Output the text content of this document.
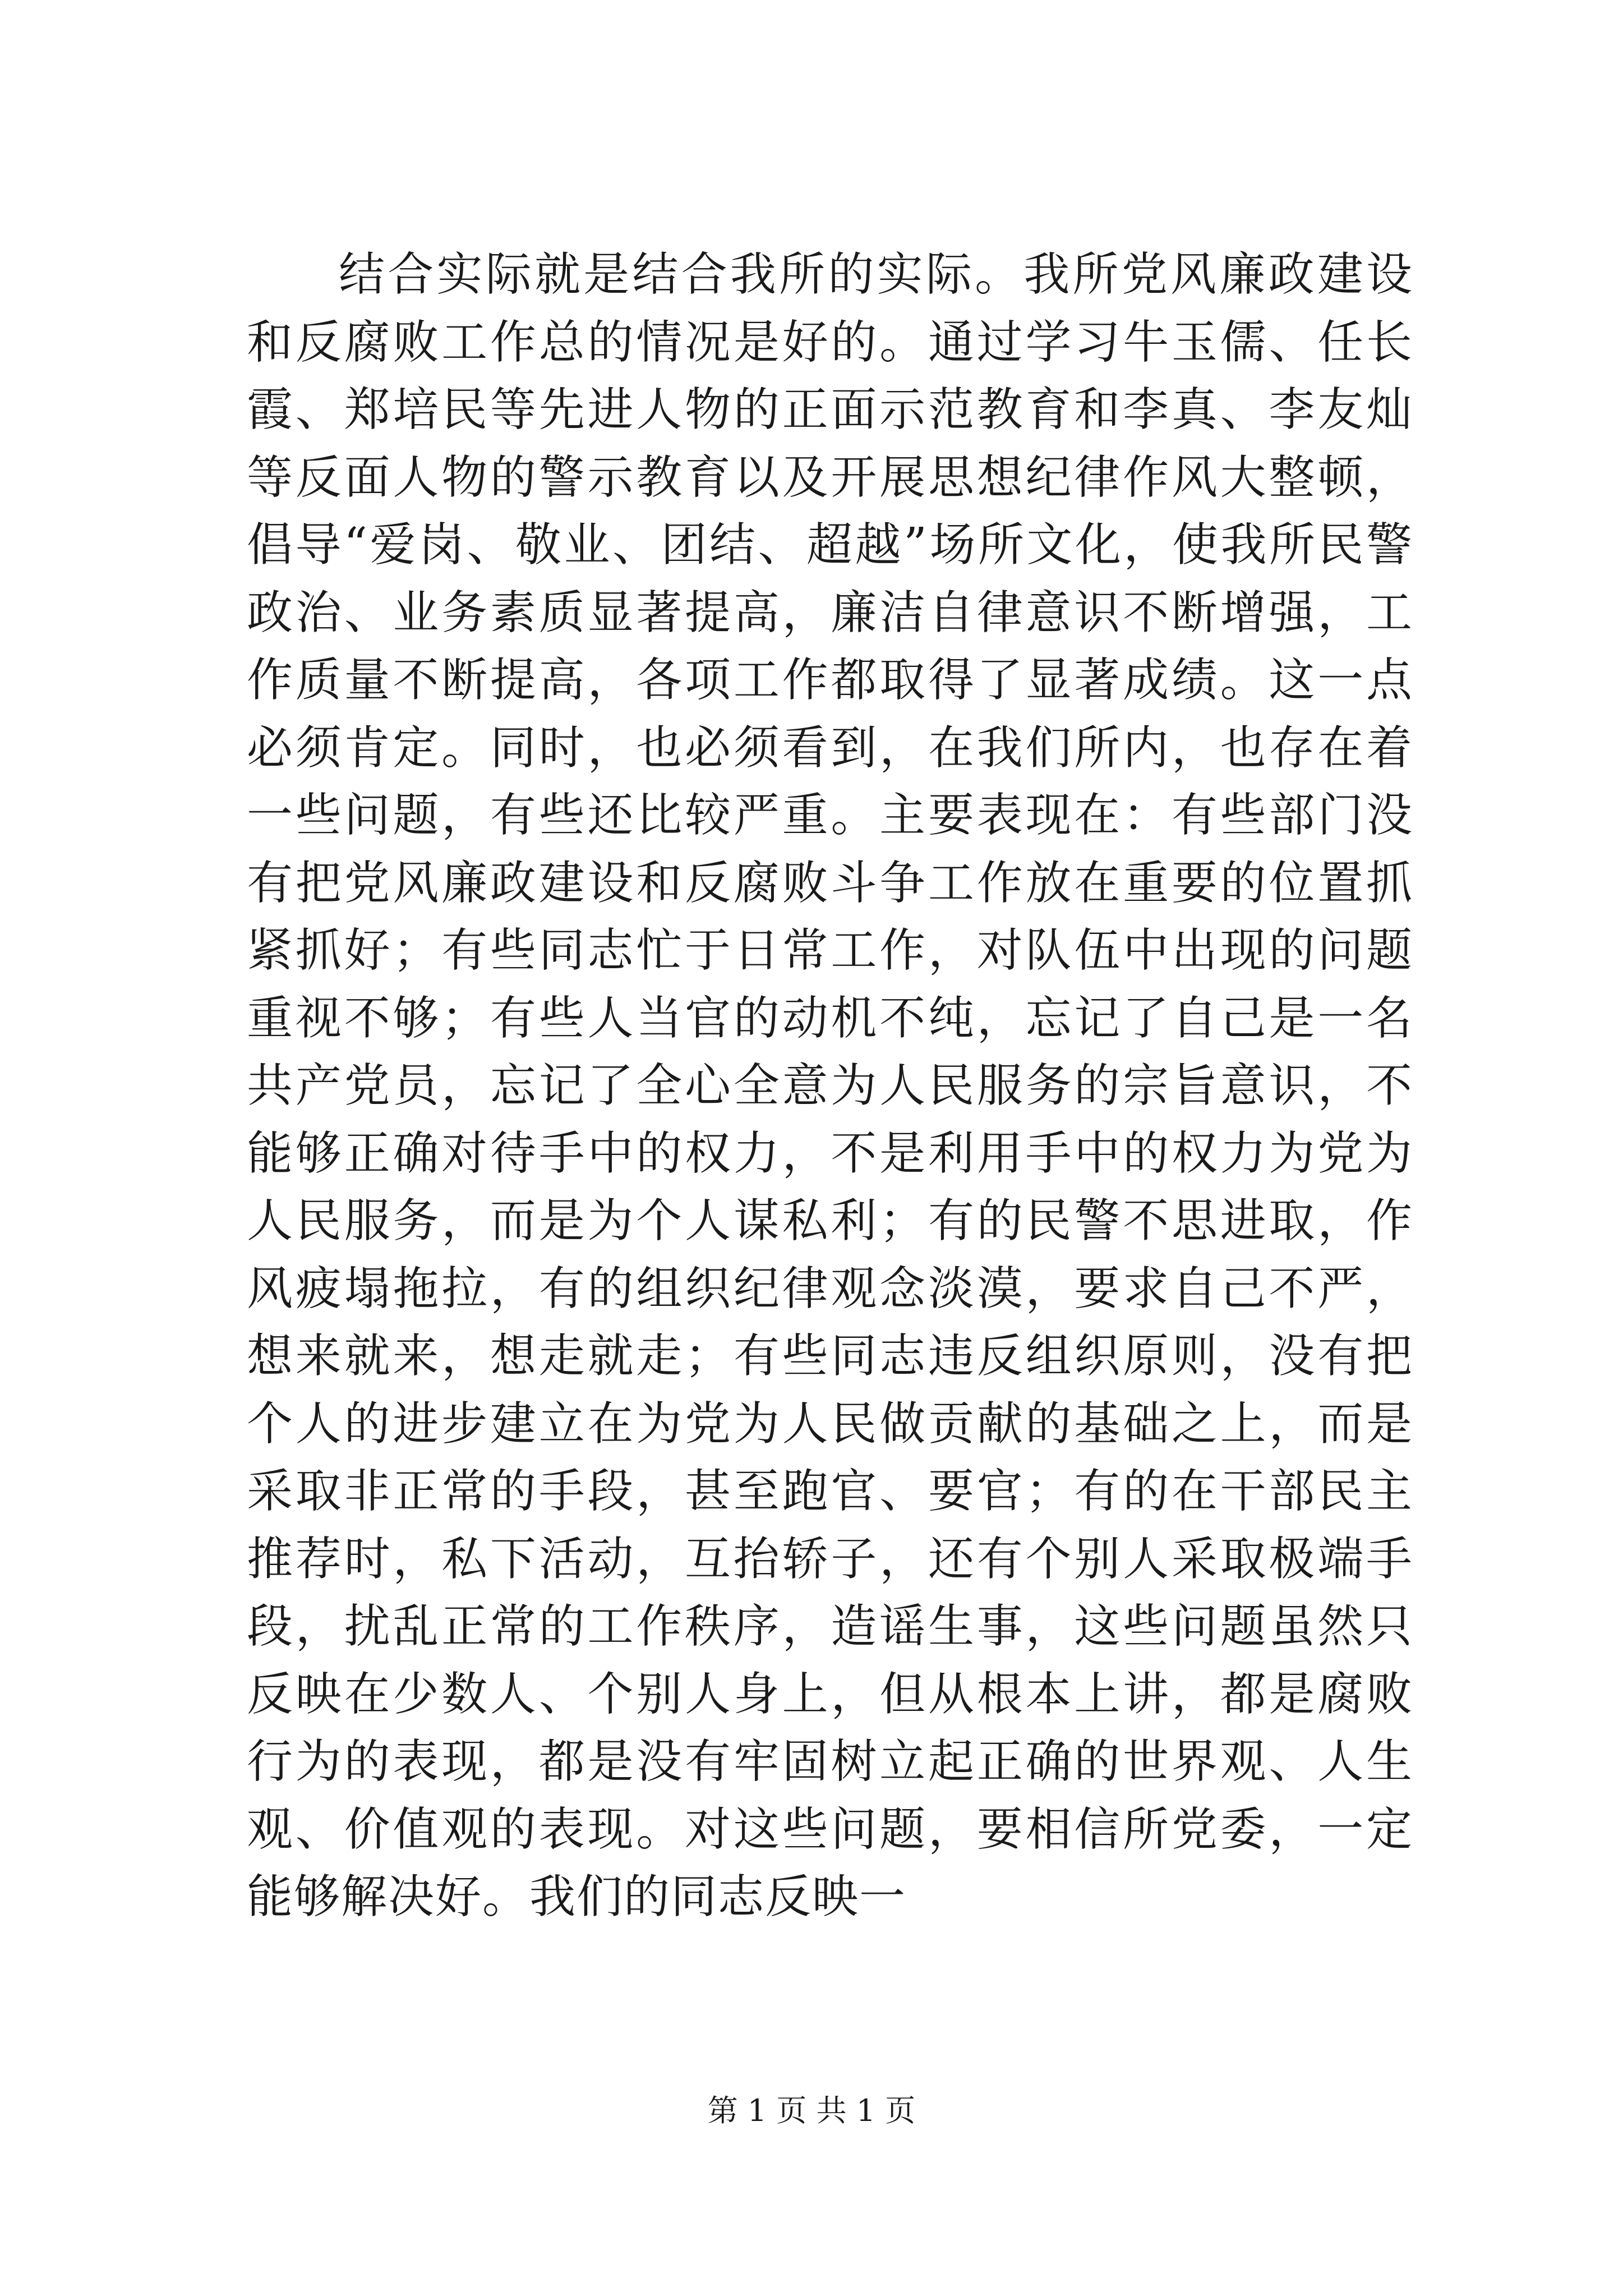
结合实际就是结合我所的实际。我所党风廉政建设和反腐败工作总的情况是好的。通过学习牛玉儒、任长霞、郑培民等先进人物的正面示范教育和李真、李友灿等反面人物的警示教育以及开展思想纪律作风大整顿，倡导“爱岗、敬业、团结、超越”场所文化，使我所民警政治、业务素质显著提高，廉洁自律意识不断增强，工作质量不断提高，各项工作都取得了显著成绩。这一点必须肯定。同时，也必须看到，在我们所内，也存在着一些问题，有些还比较严重。主要表现在：有些部门没有把党风廉政建设和反腐败斗争工作放在重要的位置抓紧抓好；有些同志忙于日常工作，对队伍中出现的问题重视不够；有些人当官的动机不纯，忘记了自己是一名共产党员，忘记了全心全意为人民服务的宗旨意识，不能够正确对待手中的权力，不是利用手中的权力为党为人民服务，而是为个人谋私利；有的民警不思进取，作风疲塌拖拉，有的组织纪律观念淡漠，要求自己不严，想来就来，想走就走；有些同志违反组织原则，没有把个人的进步建立在为党为人民做贡献的基础之上，而是采取非正常的手段，甚至跑官、要官；有的在干部民主推荐时，私下活动，互抬轿子，还有个别人采取极端手段，扰乱正常的工作秩序，造谣生事，这些问题虽然只反映在少数人、个别人身上，但从根本上讲，都是腐败行为的表现，都是没有牢固树立起正确的世界观、人生观、价值观的表现。对这些问题，要相信所党委，一定能够解决好。我们的同志反映一

第 1 页 共 1 页
